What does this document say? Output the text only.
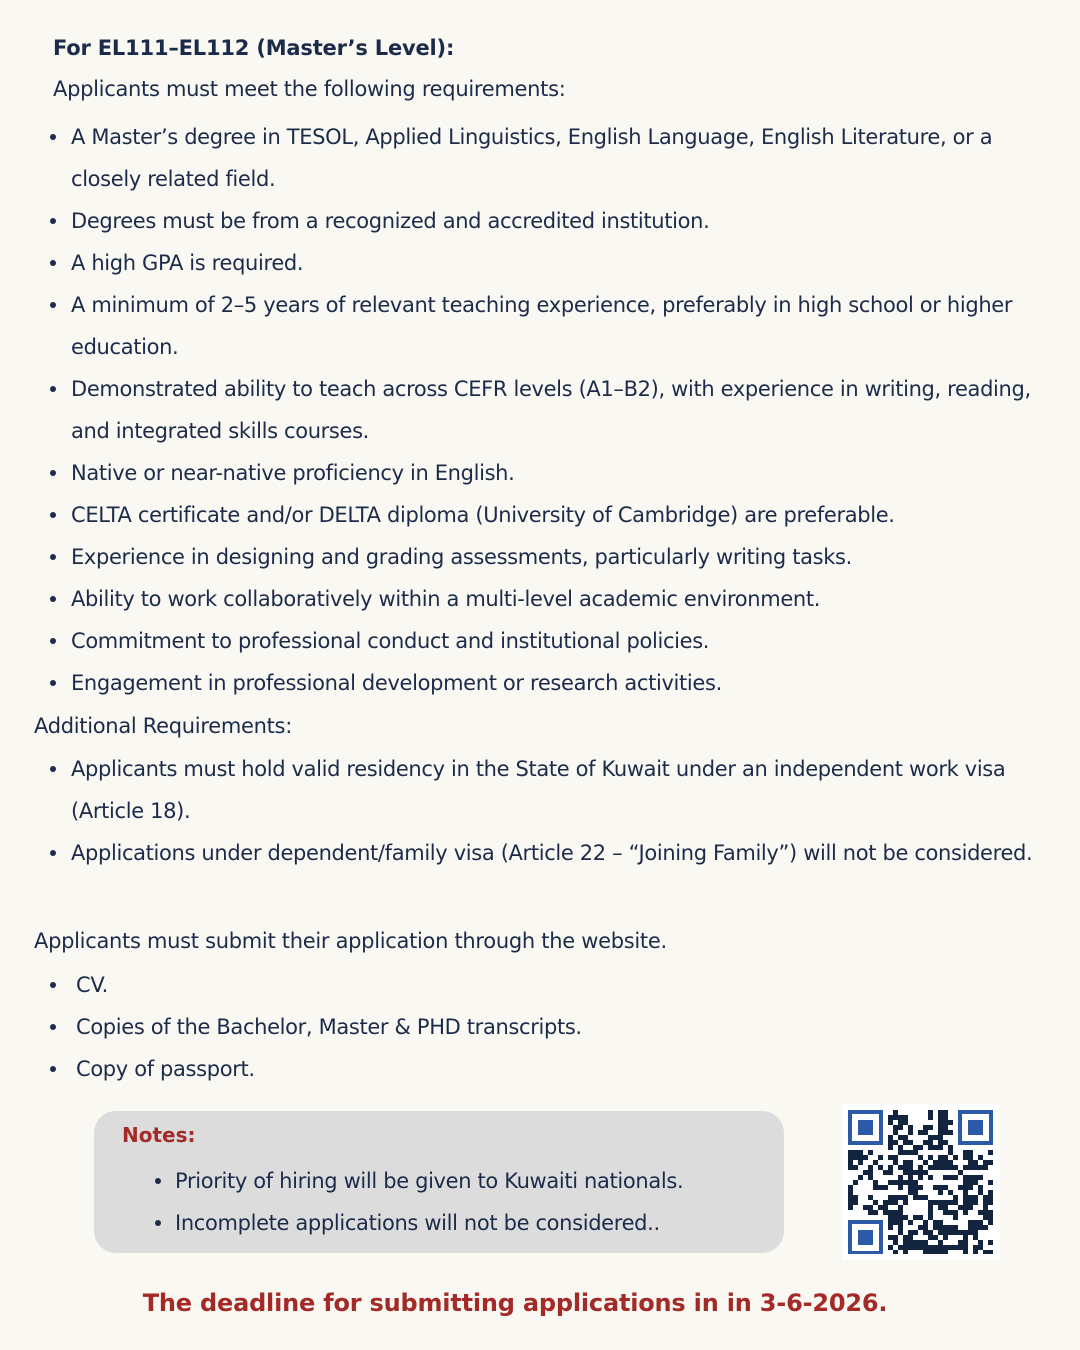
For EL111–EL112 (Master’s Level):
Applicants must meet the following requirements:
A Master’s degree in TESOL, Applied Linguistics, English Language, English Literature, or a closely related field.
Degrees must be from a recognized and accredited institution.
A high GPA is required.
A minimum of 2–5 years of relevant teaching experience, preferably in high school or higher education.
Demonstrated ability to teach across CEFR levels (A1–B2), with experience in writing, reading, and integrated skills courses.
Native or near-native proficiency in English.
CELTA certificate and/or DELTA diploma (University of Cambridge) are preferable.
Experience in designing and grading assessments, particularly writing tasks.
Ability to work collaboratively within a multi-level academic environment.
Commitment to professional conduct and institutional policies.
Engagement in professional development or research activities.
Additional Requirements:
Applicants must hold valid residency in the State of Kuwait under an independent work visa (Article 18).
Applications under dependent/family visa (Article 22 – “Joining Family”) will not be considered.
Applicants must submit their application through the website.
CV.
Copies of the Bachelor, Master & PHD transcripts.
Copy of passport.
Notes:
Priority of hiring will be given to Kuwaiti nationals.
Incomplete applications will not be considered..
The deadline for submitting applications in in 3-6-2026.
